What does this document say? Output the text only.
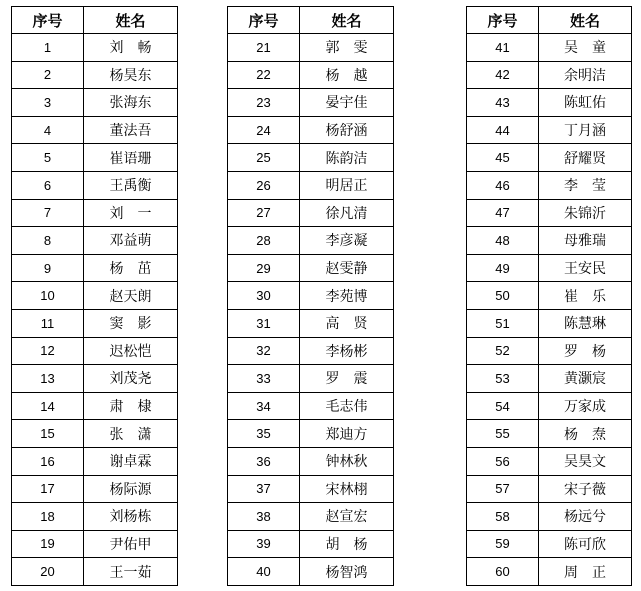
序号	姓名
1	刘　畅
2	杨昊东
3	张海东
4	董法吾
5	崔语珊
6	王禹衡
7	刘　一
8	邓益萌
9	杨　茁
10	赵天朗
11	窦　影
12	迟松恺
13	刘茂尧
14	肃　棣
15	张　潇
16	谢卓霖
17	杨际源
18	刘杨栋
19	尹佑甲
20	王一茹
序号	姓名
21	郭　雯
22	杨　越
23	晏宇佳
24	杨舒涵
25	陈韵洁
26	明居正
27	徐凡清
28	李彦凝
29	赵雯静
30	李苑博
31	高　贤
32	李杨彬
33	罗　震
34	毛志伟
35	郑迪方
36	钟林秋
37	宋林栩
38	赵宣宏
39	胡　杨
40	杨智鸿
序号	姓名
41	吴　童
42	余明洁
43	陈虹佑
44	丁月涵
45	舒耀贤
46	李　莹
47	朱锦沂
48	母雅瑞
49	王安民
50	崔　乐
51	陈慧琳
52	罗　杨
53	黄灏宸
54	万家成
55	杨　焘
56	吴昊文
57	宋子薇
58	杨远兮
59	陈可欣
60	周　正
